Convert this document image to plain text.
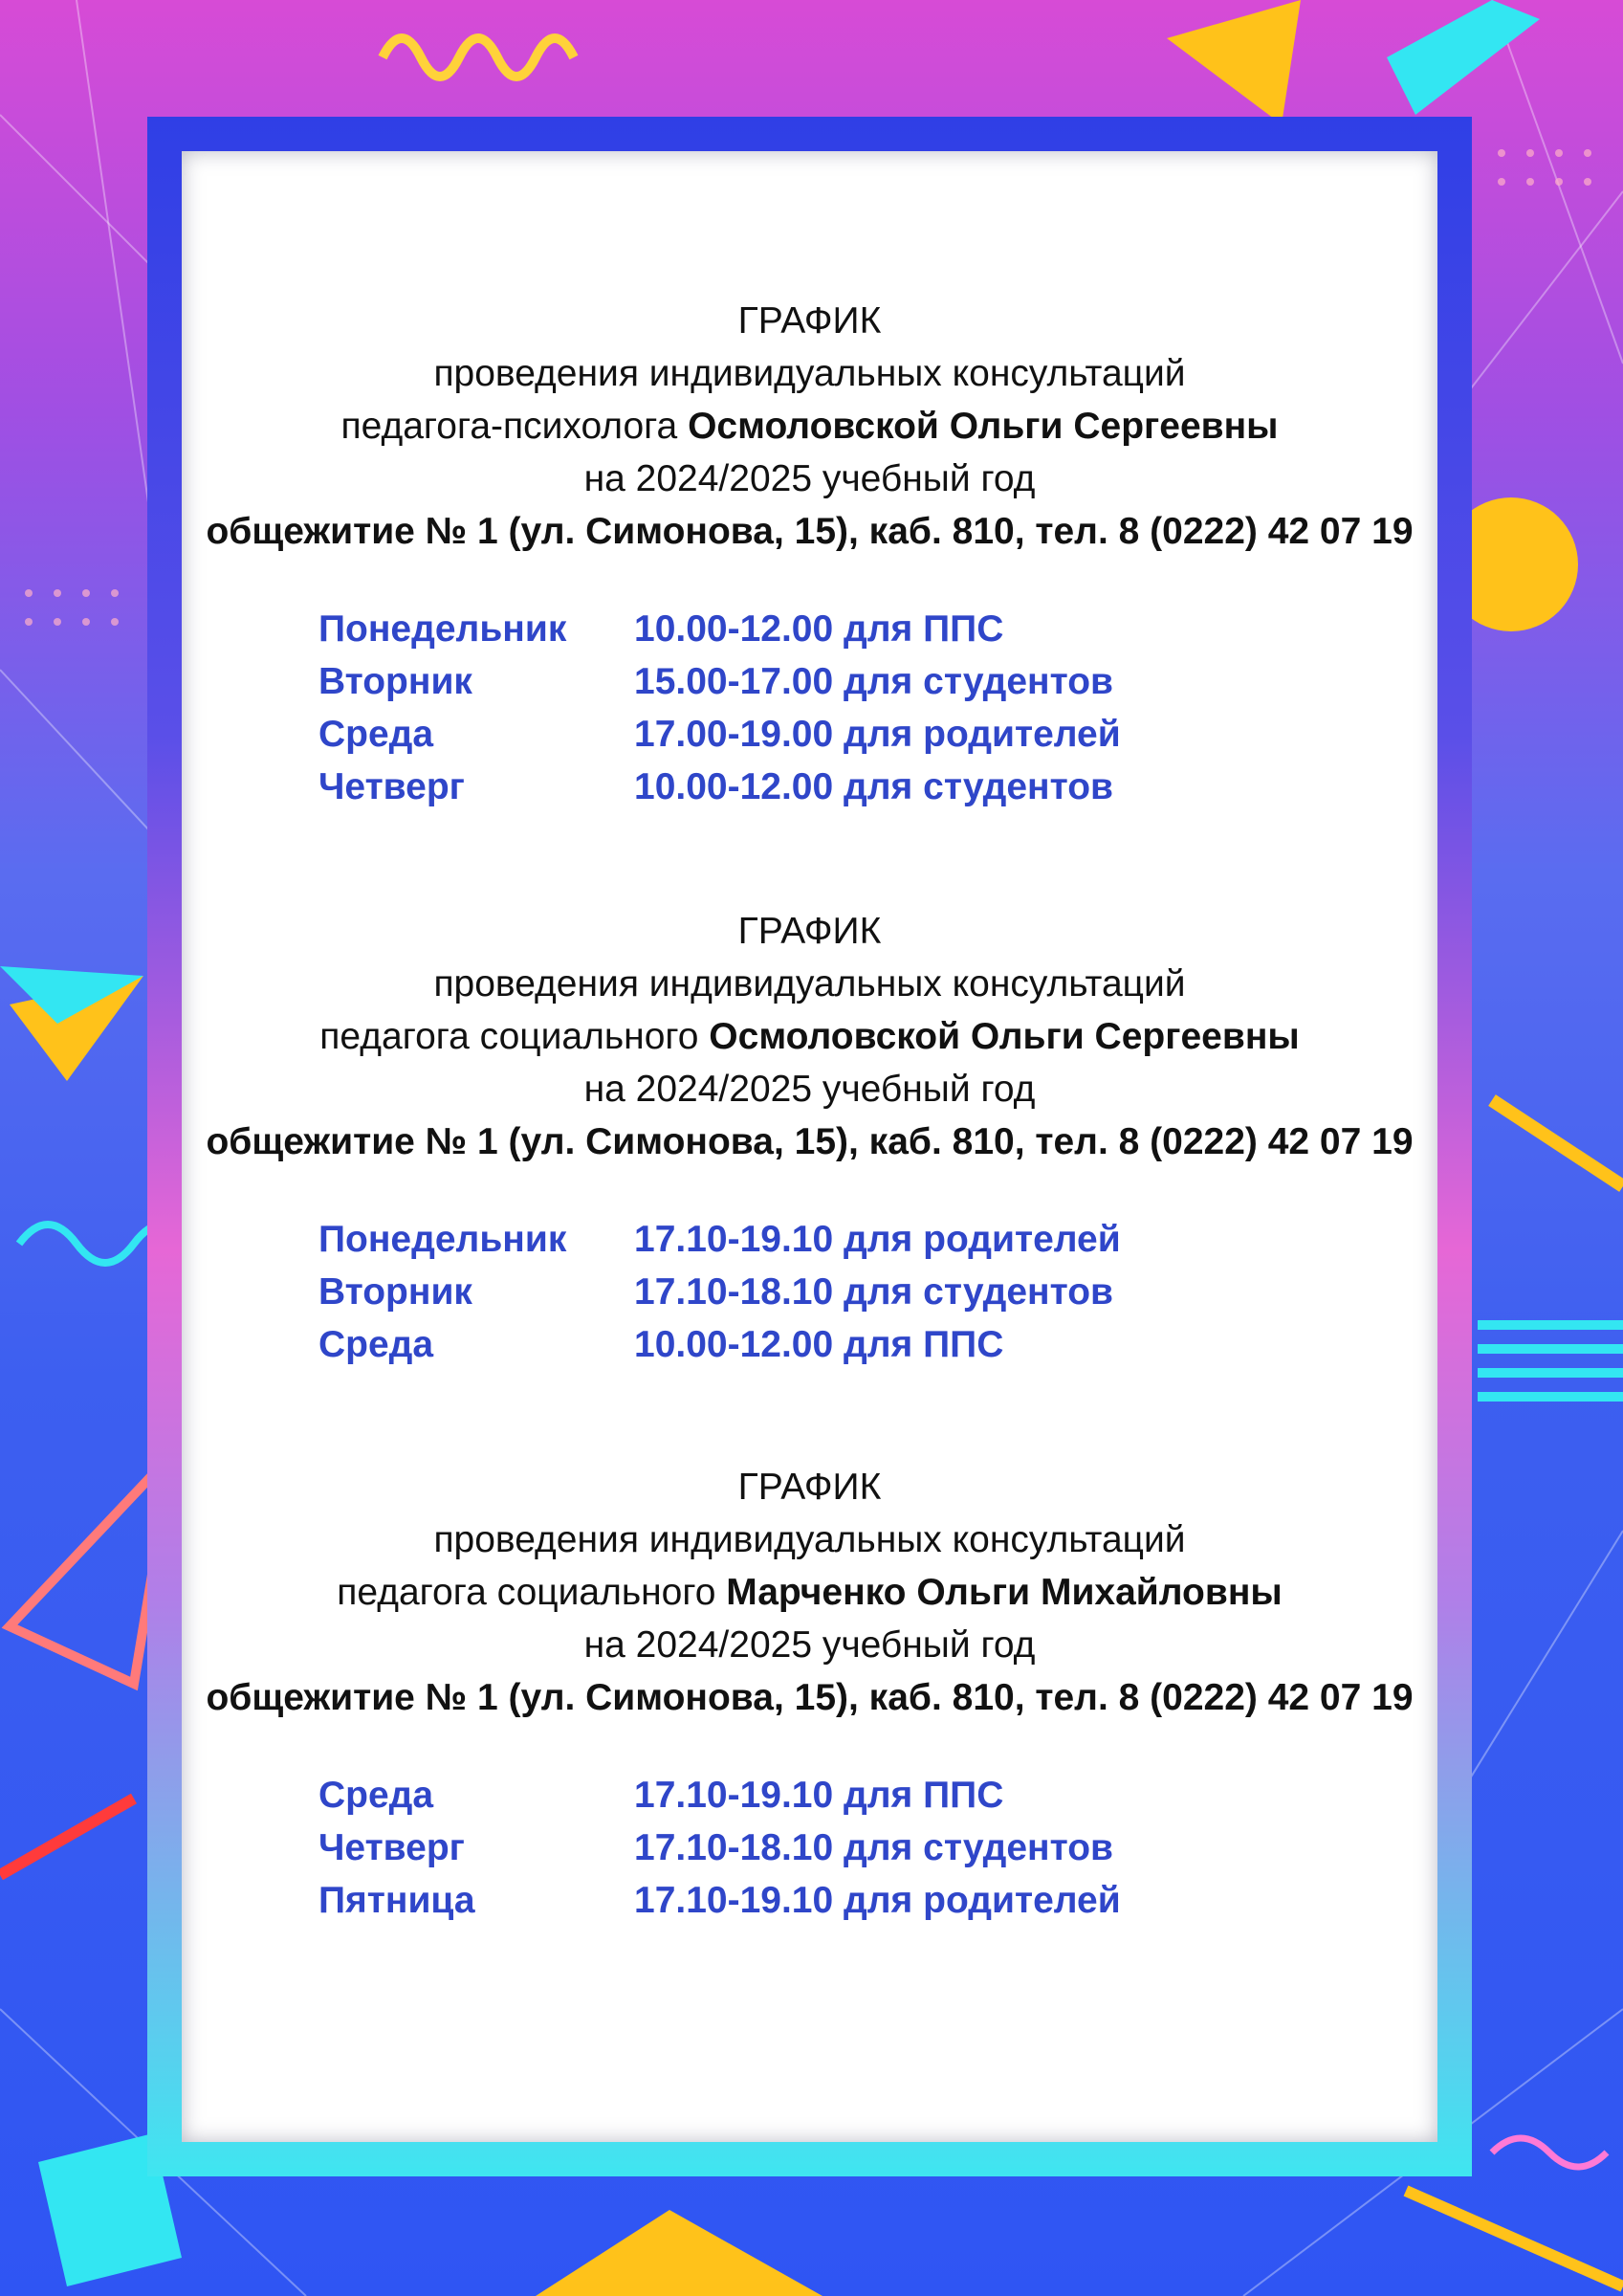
ГРАФИК
проведения индивидуальных консультаций
педагога-психолога Осмоловской Ольги Сергеевны
на 2024/2025 учебный год
общежитие № 1 (ул. Симонова, 15), каб. 810, тел. 8 (0222) 42 07 19
Понедельник 10.00-12.00 для ППС
Вторник	15.00-17.00 для студентов
Среда	17.00-19.00 для родителей
Четверг	10.00-12.00 для студентов
ГРАФИК
проведения индивидуальных консультаций
педагога социального Осмоловской Ольги Сергеевны
на 2024/2025 учебный год
общежитие № 1 (ул. Симонова, 15), каб. 810, тел. 8 (0222) 42 07 19
Понедельник 17.10-19.10 для родителей
Вторник	17.10-18.10 для студентов
Среда	10.00-12.00 для ППС
ГРАФИК
проведения индивидуальных консультаций
педагога социального Марченко Ольги Михайловны
на 2024/2025 учебный год
общежитие № 1 (ул. Симонова, 15), каб. 810, тел. 8 (0222) 42 07 19
Среда	17.10-19.10 для ППС
Четверг	17.10-18.10 для студентов
Пятница	17.10-19.10 для родителей
